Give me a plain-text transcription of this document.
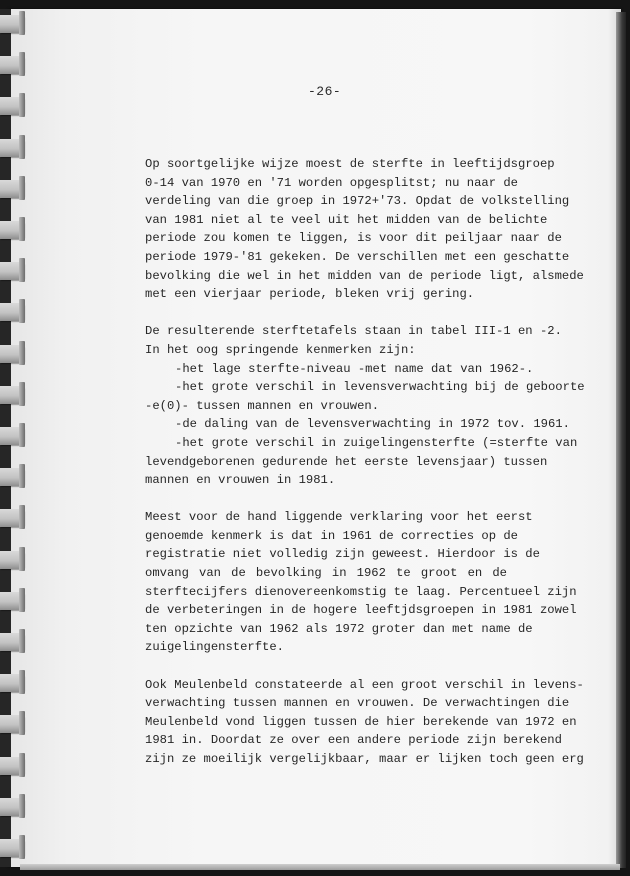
-26-
Op soortgelijke wijze moest de sterfte in leeftijdsgroep
0-14 van 1970 en '71 worden opgesplitst; nu naar de
verdeling van die groep in 1972+'73. Opdat de volkstelling
van 1981 niet al te veel uit het midden van de belichte
periode zou komen te liggen, is voor dit peiljaar naar de
periode 1979-'81 gekeken. De verschillen met een geschatte
bevolking die wel in het midden van de periode ligt, alsmede
met een vierjaar periode, bleken vrij gering.
De resulterende sterftetafels staan in tabel III-1 en -2.
In het oog springende kenmerken zijn:
-het lage sterfte-niveau -met name dat van 1962-.
-het grote verschil in levensverwachting bij de geboorte
-e(0)- tussen mannen en vrouwen.
-de daling van de levensverwachting in 1972 tov. 1961.
-het grote verschil in zuigelingensterfte (=sterfte van
levendgeborenen gedurende het eerste levensjaar) tussen
mannen en vrouwen in 1981.
Meest voor de hand liggende verklaring voor het eerst
genoemde kenmerk is dat in 1961 de correcties op de
registratie niet volledig zijn geweest. Hierdoor is de
omvang van de bevolking in 1962 te groot en de
sterftecijfers dienovereenkomstig te laag. Percentueel zijn
de verbeteringen in de hogere leeftjdsgroepen in 1981 zowel
ten opzichte van 1962 als 1972 groter dan met name de
zuigelingensterfte.
Ook Meulenbeld constateerde al een groot verschil in levens-
verwachting tussen mannen en vrouwen. De verwachtingen die
Meulenbeld vond liggen tussen de hier berekende van 1972 en
1981 in. Doordat ze over een andere periode zijn berekend
zijn ze moeilijk vergelijkbaar, maar er lijken toch geen erg
